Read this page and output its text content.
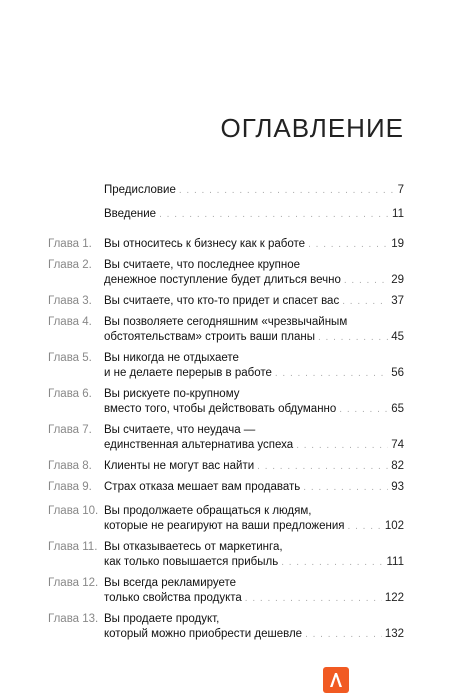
ОГЛАВЛЕНИЕ
Предисловие . . .	7
Введение . . .	11
Глава 1. Вы относитесь к бизнесу как к работе . . .	19
Глава 2. Вы считаете, что последнее крупное
денежное поступление будет длиться вечно . . .	29
Глава 3. Вы считаете, что кто-то придет и спасет вас . . .	37
Глава 4. Вы позволяете сегодняшним «чрезвычайным
обстоятельствам» строить ваши планы . . .	45
Глава 5. Вы никогда не отдыхаете
и не делаете перерыв в работе . . .	56
Глава 6. Вы рискуете по-крупному
вместо того, чтобы действовать обдуманно . . .	65
Глава 7. Вы считаете, что неудача —
единственная альтернатива успеха . . .	74
Глава 8. Клиенты не могут вас найти . . .	82
Глава 9. Страх отказа мешает вам продавать . . .	93
Глава 10. Вы продолжаете обращаться к людям,
которые не реагируют на ваши предложения . . .	102
Глава 11. Вы отказываетесь от маркетинга,
как только повышается прибыль . . .	111
Глава 12. Вы всегда рекламируете
только свойства продукта . . .	122
Глава 13. Вы продаете продукт,
который можно приобрести дешевле . . .	132
